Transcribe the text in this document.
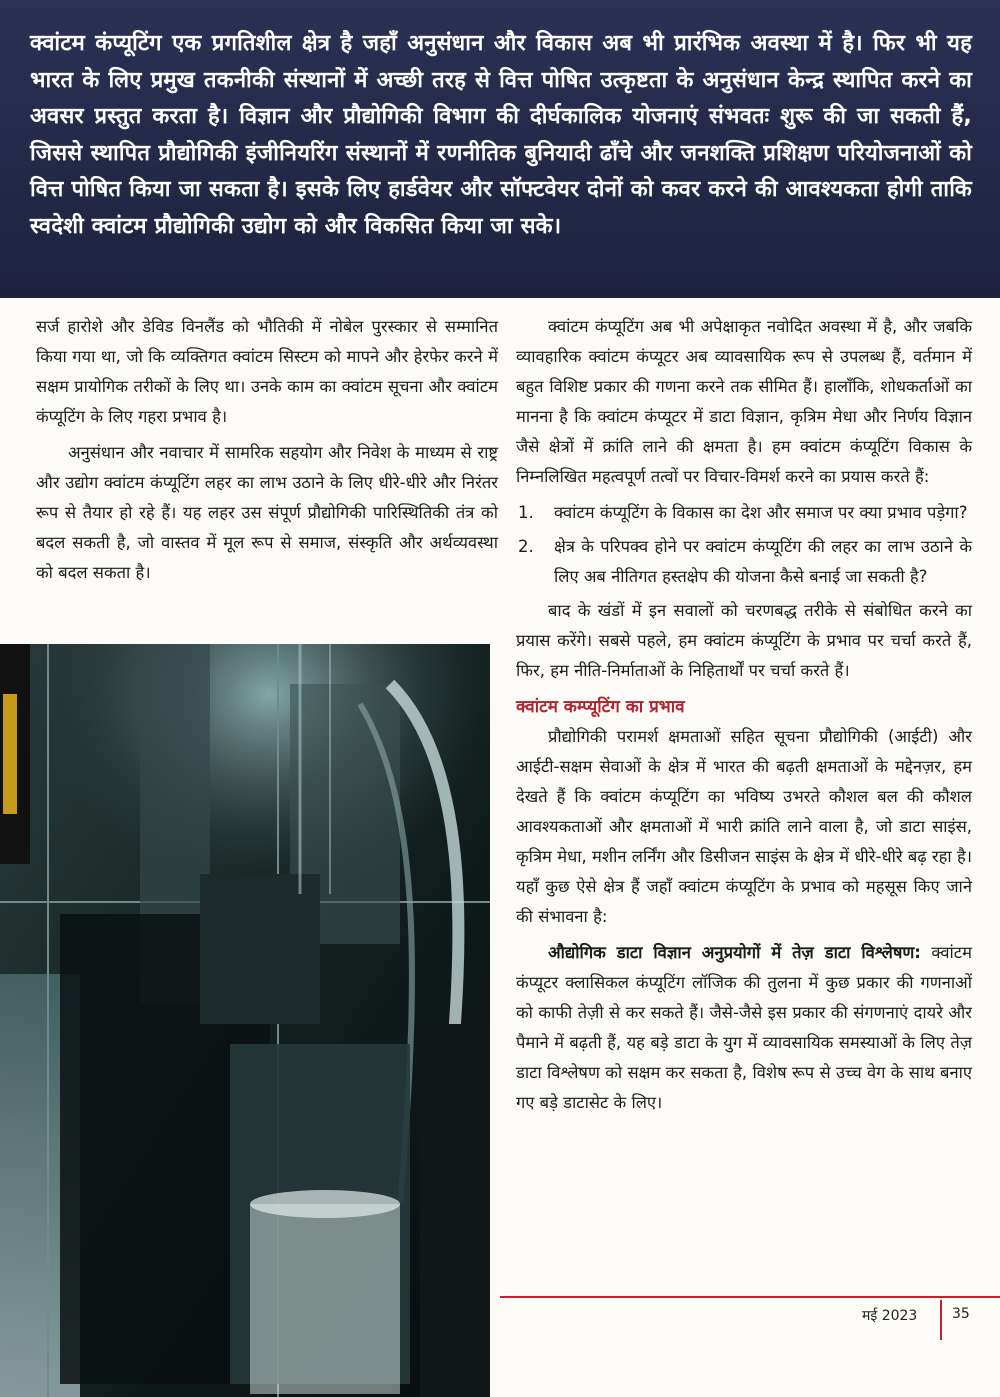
क्वांटम कंप्यूटिंग एक प्रगतिशील क्षेत्र है जहाँ अनुसंधान और विकास अब भी प्रारंभिक अवस्था में है। फिर भी यह भारत के लिए प्रमुख तकनीकी संस्थानों में अच्छी तरह से वित्त पोषित उत्कृष्टता के अनुसंधान केन्द्र स्थापित करने का अवसर प्रस्तुत करता है। विज्ञान और प्रौद्योगिकी विभाग की दीर्घकालिक योजनाएं संभवतः शुरू की जा सकती हैं, जिससे स्थापित प्रौद्योगिकी इंजीनियरिंग संस्थानों में रणनीतिक बुनियादी ढाँचे और जनशक्ति प्रशिक्षण परियोजनाओं को वित्त पोषित किया जा सकता है। इसके लिए हार्डवेयर और सॉफ्टवेयर दोनों को कवर करने की आवश्यकता होगी ताकि स्वदेशी क्वांटम प्रौद्योगिकी उद्योग को और विकसित किया जा सके।

सर्ज हारोशे और डेविड विनलैंड को भौतिकी में नोबेल पुरस्कार से सम्मानित किया गया था, जो कि व्यक्तिगत क्वांटम सिस्टम को मापने और हेरफेर करने में सक्षम प्रायोगिक तरीकों के लिए था। उनके काम का क्वांटम सूचना और क्वांटम कंप्यूटिंग के लिए गहरा प्रभाव है।

अनुसंधान और नवाचार में सामरिक सहयोग और निवेश के माध्यम से राष्ट्र और उद्योग क्वांटम कंप्यूटिंग लहर का लाभ उठाने के लिए धीरे-धीरे और निरंतर रूप से तैयार हो रहे हैं। यह लहर उस संपूर्ण प्रौद्योगिकी पारिस्थितिकी तंत्र को बदल सकती है, जो वास्तव में मूल रूप से समाज, संस्कृति और अर्थव्यवस्था को बदल सकता है।

क्वांटम कंप्यूटिंग अब भी अपेक्षाकृत नवोदित अवस्था में है, और जबकि व्यावहारिक क्वांटम कंप्यूटर अब व्यावसायिक रूप से उपलब्ध हैं, वर्तमान में बहुत विशिष्ट प्रकार की गणना करने तक सीमित हैं। हालाँकि, शोधकर्ताओं का मानना है कि क्वांटम कंप्यूटर में डाटा विज्ञान, कृत्रिम मेधा और निर्णय विज्ञान जैसे क्षेत्रों में क्रांति लाने की क्षमता है। हम क्वांटम कंप्यूटिंग विकास के निम्नलिखित महत्वपूर्ण तत्वों पर विचार-विमर्श करने का प्रयास करते हैं:

1. क्वांटम कंप्यूटिंग के विकास का देश और समाज पर क्या प्रभाव पड़ेगा?
2. क्षेत्र के परिपक्व होने पर क्वांटम कंप्यूटिंग की लहर का लाभ उठाने के लिए अब नीतिगत हस्तक्षेप की योजना कैसे बनाई जा सकती है?

बाद के खंडों में इन सवालों को चरणबद्ध तरीके से संबोधित करने का प्रयास करेंगे। सबसे पहले, हम क्वांटम कंप्यूटिंग के प्रभाव पर चर्चा करते हैं, फिर, हम नीति-निर्माताओं के निहितार्थों पर चर्चा करते हैं।

क्वांटम कम्प्यूटिंग का प्रभाव

प्रौद्योगिकी परामर्श क्षमताओं सहित सूचना प्रौद्योगिकी (आईटी) और आईटी-सक्षम सेवाओं के क्षेत्र में भारत की बढ़ती क्षमताओं के मद्देनज़र, हम देखते हैं कि क्वांटम कंप्यूटिंग का भविष्य उभरते कौशल बल की कौशल आवश्यकताओं और क्षमताओं में भारी क्रांति लाने वाला है, जो डाटा साइंस, कृत्रिम मेधा, मशीन लर्निंग और डिसीजन साइंस के क्षेत्र में धीरे-धीरे बढ़ रहा है। यहाँ कुछ ऐसे क्षेत्र हैं जहाँ क्वांटम कंप्यूटिंग के प्रभाव को महसूस किए जाने की संभावना है:

औद्योगिक डाटा विज्ञान अनुप्रयोगों में तेज़ डाटा विश्लेषण: क्वांटम कंप्यूटर क्लासिकल कंप्यूटिंग लॉजिक की तुलना में कुछ प्रकार की गणनाओं को काफी तेज़ी से कर सकते हैं। जैसे-जैसे इस प्रकार की संगणनाएं दायरे और पैमाने में बढ़ती हैं, यह बड़े डाटा के युग में व्यावसायिक समस्याओं के लिए तेज़ डाटा विश्लेषण को सक्षम कर सकता है, विशेष रूप से उच्च वेग के साथ बनाए गए बड़े डाटासेट के लिए।

मई 2023 35
